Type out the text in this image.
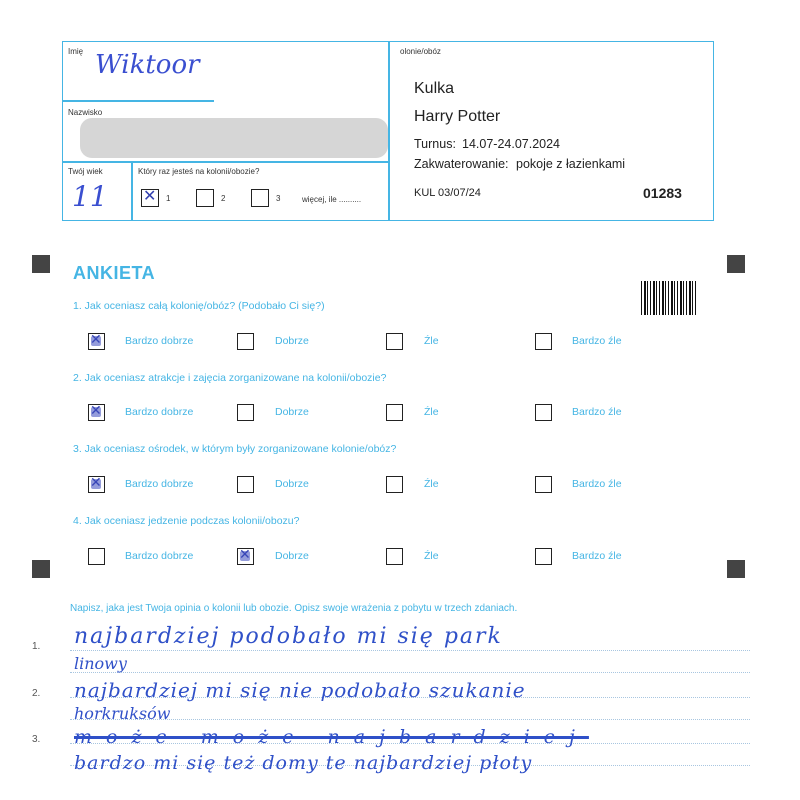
Imię Wiktoor
Nazwisko
olonie/obóz
Twój wiek
11
Który raz jesteś na kolonii/obozie?
✕ 1	2	3	więcej, ile ..........
Kulka
Harry Potter
Turnus: 14.07-24.07.2024
Zakwaterowanie: pokoje z łazienkami
KUL 03/07/24	01283
ANKIETA
1. Jak oceniasz całą kolonię/obóz? (Podobało Ci się?)
2. Jak oceniasz atrakcje i zajęcia zorganizowane na kolonii/obozie?
3. Jak oceniasz ośrodek, w którym były zorganizowane kolonie/obóz?
4. Jak oceniasz jedzenie podczas kolonii/obozu?
✕
Bardzo dobrze	Dobrze	Źle	Bardzo źle
✕
Bardzo dobrze	Dobrze	Źle	Bardzo źle
✕
Bardzo dobrze	Dobrze	Źle	Bardzo źle
Bardzo dobrze
✕	Dobrze	Źle	Bardzo źle
Napisz, jaka jest Twoja opinia o kolonii lub obozie. Opisz swoje wrażenia z pobytu w trzech zdaniach.
1.
2.
3.
najbardziej podobało mi się park
linowy
najbardziej mi się nie podobało szukanie
horkruksów
może może najbardziej
bardzo mi się też domy te najbardziej płoty
